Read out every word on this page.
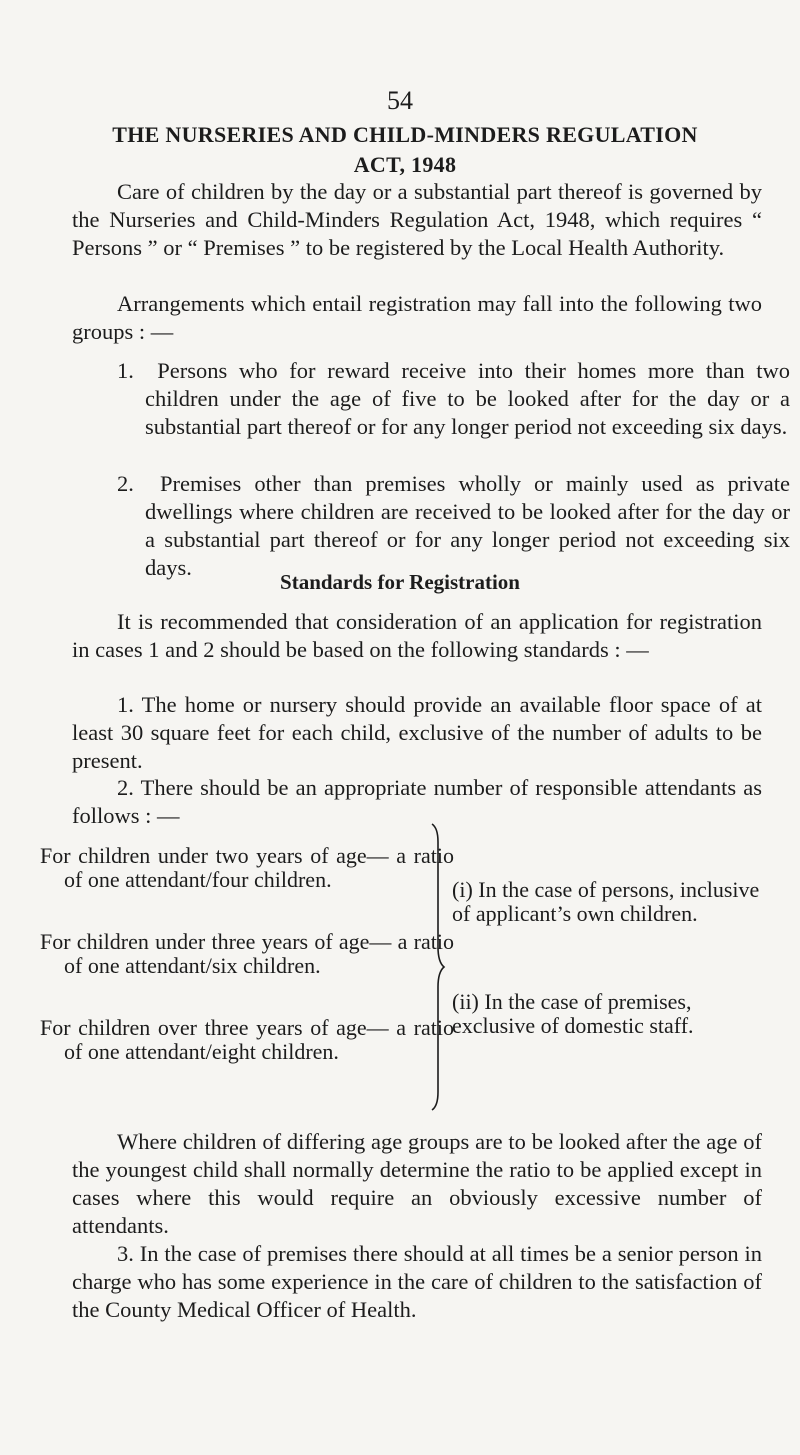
54
THE NURSERIES AND CHILD-MINDERS REGULATION
ACT, 1948

Care of children by the day or a substantial part thereof is governed by the Nurseries and Child-Minders Regulation Act, 1948, which requires “ Persons ” or “ Premises ” to be registered by the Local Health Authority.

Arrangements which entail registration may fall into the following two groups : —

1. Persons who for reward receive into their homes more than two children under the age of five to be looked after for the day or a substantial part thereof or for any longer period not exceeding six days.

2. Premises other than premises wholly or mainly used as private dwellings where children are received to be looked after for the day or a substantial part thereof or for any longer period not exceeding six days.

Standards for Registration

It is recommended that consideration of an application for registration in cases 1 and 2 should be based on the following standards : —

1. The home or nursery should provide an available floor space of at least 30 square feet for each child, exclusive of the number of adults to be present.

2. There should be an appropriate number of responsible attendants as follows : —

For children under two years of age— a ratio of one attendant/four children.

For children under three years of age— a ratio of one attendant/six children.

For children over three years of age— a ratio of one attendant/eight children.

(i) In the case of persons, inclusive of applicant’s own children.

(ii) In the case of premises, exclusive of domestic staff.

Where children of differing age groups are to be looked after the age of the youngest child shall normally determine the ratio to be applied except in cases where this would require an obviously excessive number of attendants.

3. In the case of premises there should at all times be a senior person in charge who has some experience in the care of children to the satisfaction of the County Medical Officer of Health.
